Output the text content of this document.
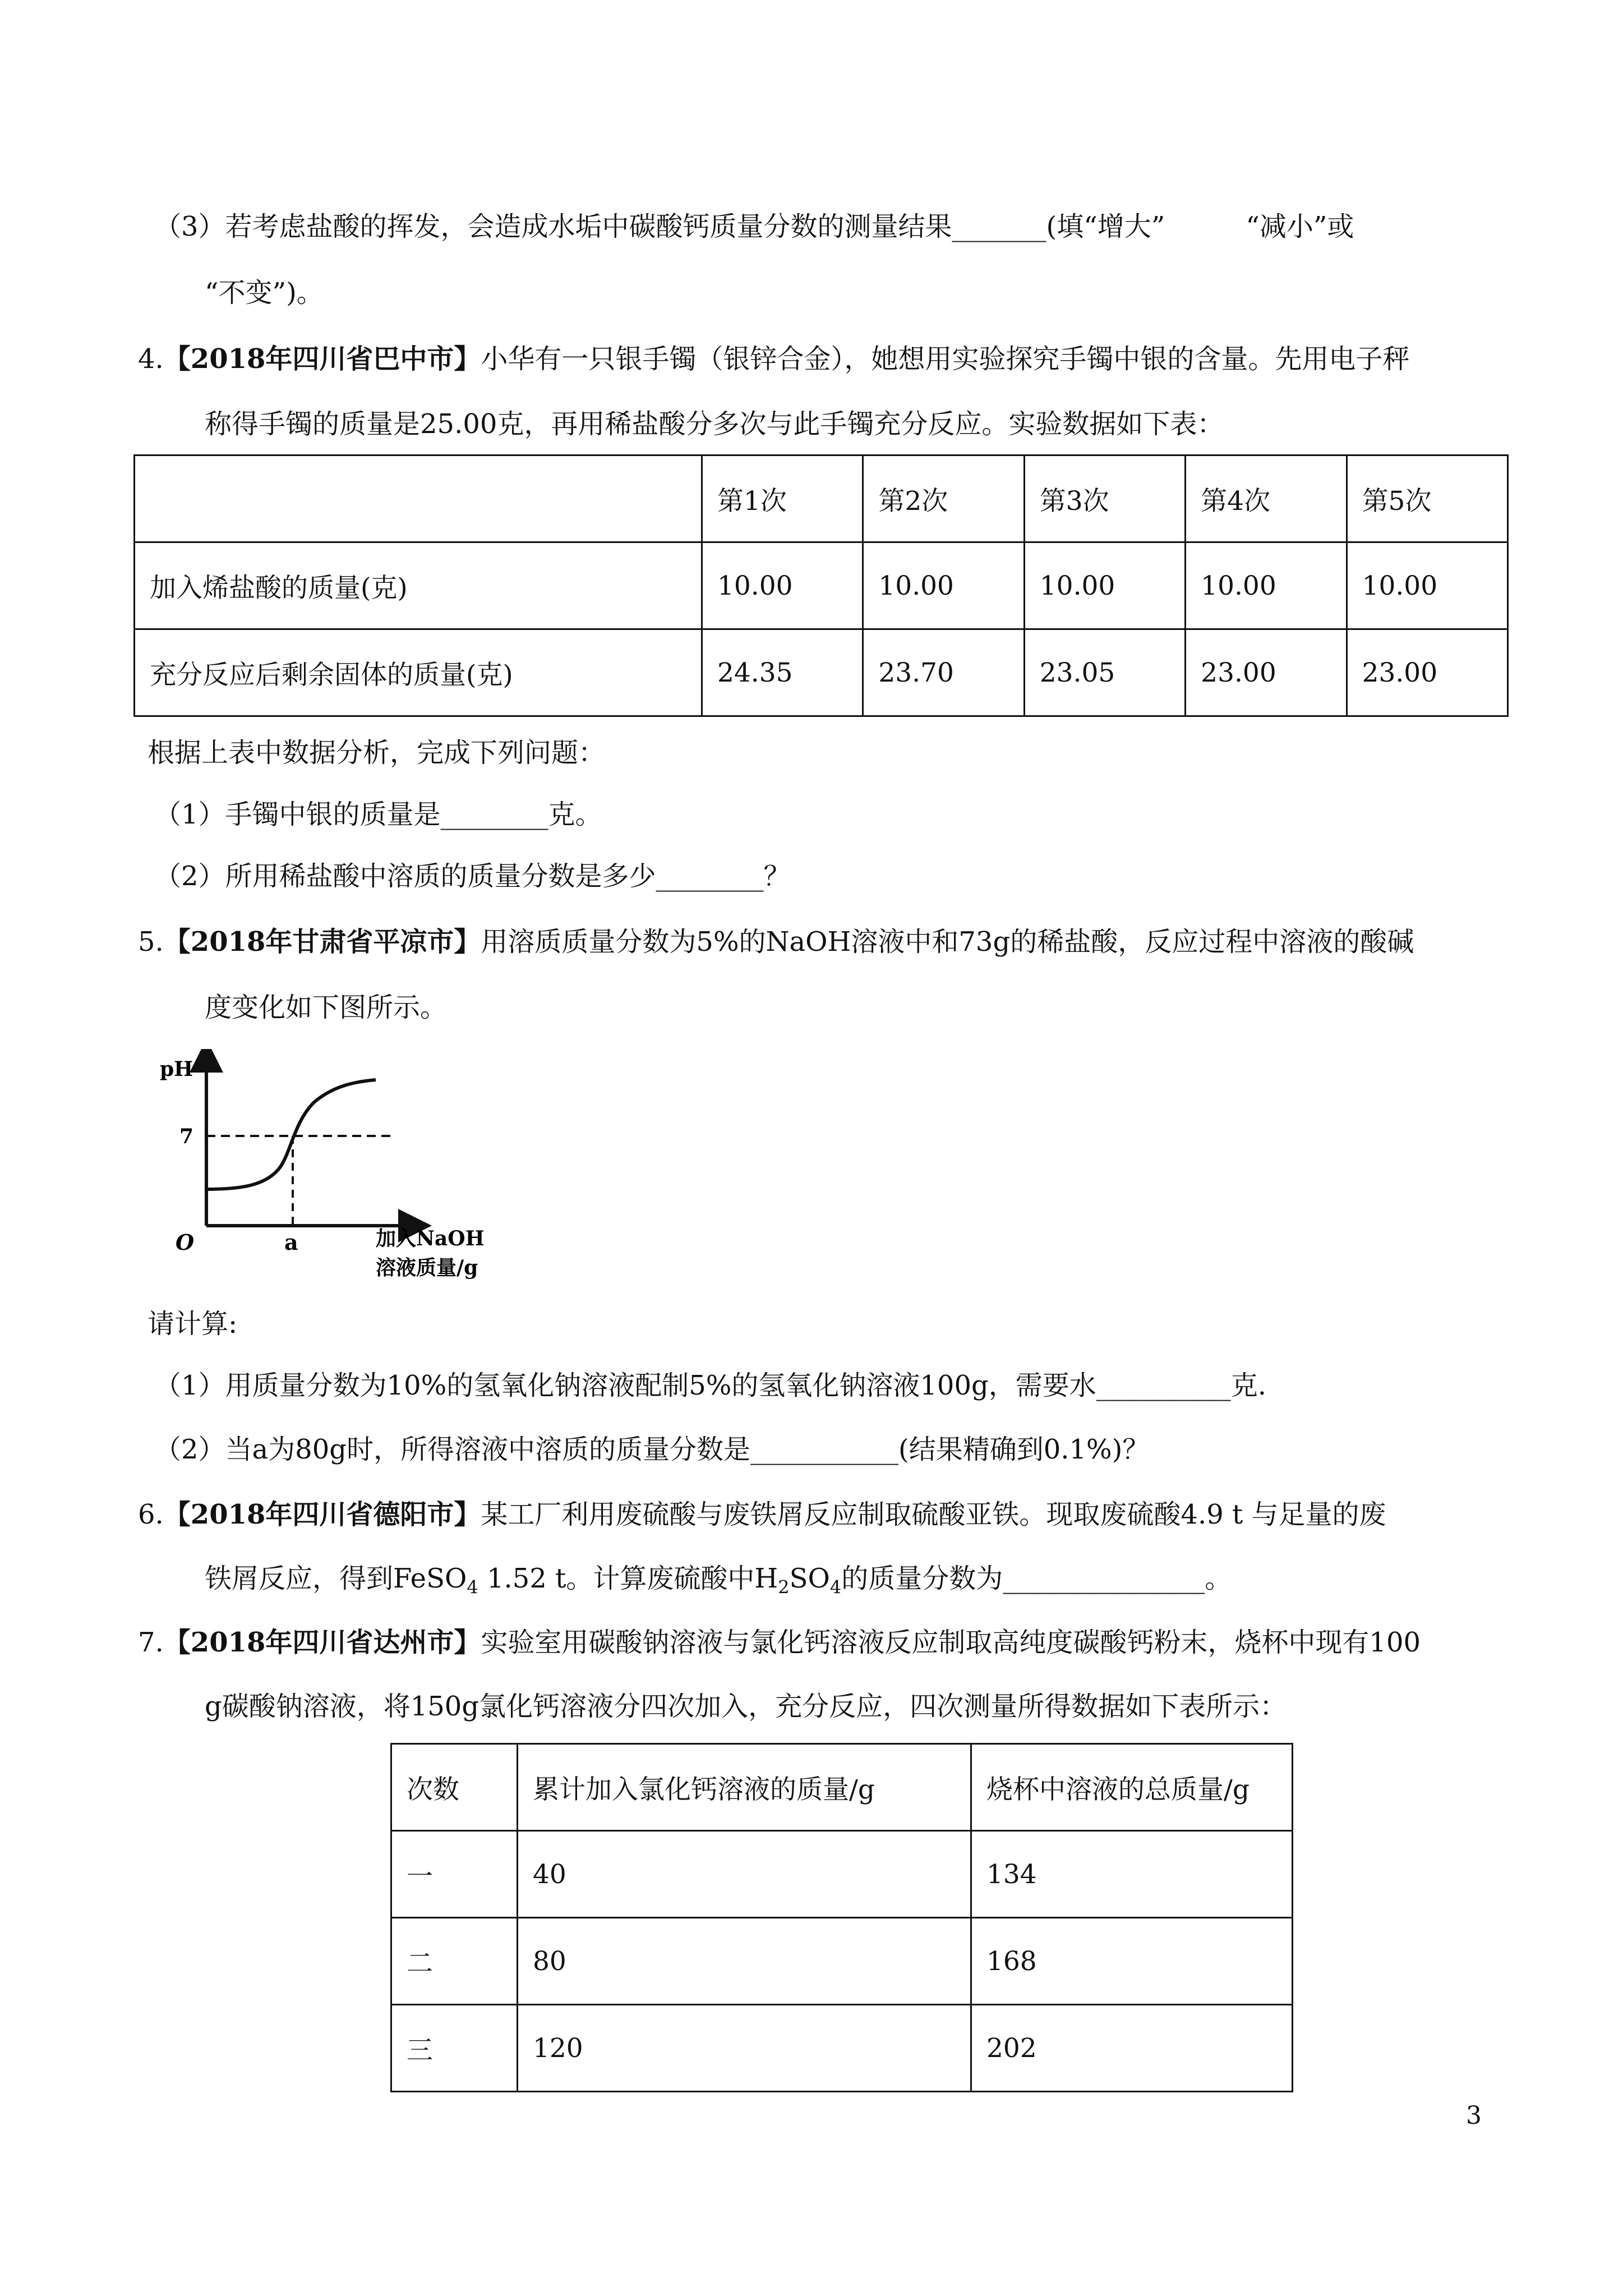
（3）若考虑盐酸的挥发，会造成水垢中碳酸钙质量分数的测量结果_______(填“增大”　　　“减小”或
“不变”)。
4.【2018年四川省巴中市】小华有一只银手镯（银锌合金），她想用实验探究手镯中银的含量。先用电子秤
称得手镯的质量是25.00克，再用稀盐酸分多次与此手镯充分反应。实验数据如下表：
	第1次	第2次	第3次	第4次	第5次
加入烯盐酸的质量(克)	10.00	10.00	10.00	10.00	10.00
充分反应后剩余固体的质量(克)	24.35	23.70	23.05	23.00	23.00
根据上表中数据分析，完成下列问题：
（1）手镯中银的质量是________克。
（2）所用稀盐酸中溶质的质量分数是多少________？
5.【2018年甘肃省平凉市】用溶质质量分数为5%的NaOH溶液中和73g的稀盐酸，反应过程中溶液的酸碱
度变化如下图所示。
pH
7
O	a	加入NaOH
溶液质量/g
请计算:
（1）用质量分数为10%的氢氧化钠溶液配制5%的氢氧化钠溶液100g，需要水__________克.
（2）当a为80g时，所得溶液中溶质的质量分数是___________(结果精确到0.1%)？
6.【2018年四川省德阳市】某工厂利用废硫酸与废铁屑反应制取硫酸亚铁。现取废硫酸4.9 t 与足量的废
铁屑反应，得到FeSO$_4$ 1.52 t。计算废硫酸中$H_2SO_4$的质量分数为_______________。
7.【2018年四川省达州市】实验室用碳酸钠溶液与氯化钙溶液反应制取高纯度碳酸钙粉末，烧杯中现有100
g碳酸钠溶液，将150g氯化钙溶液分四次加入，充分反应，四次测量所得数据如下表所示：
次数	累计加入氯化钙溶液的质量/g	烧杯中溶液的总质量/g
一	40	134
二	80	168
三	120	202
3
